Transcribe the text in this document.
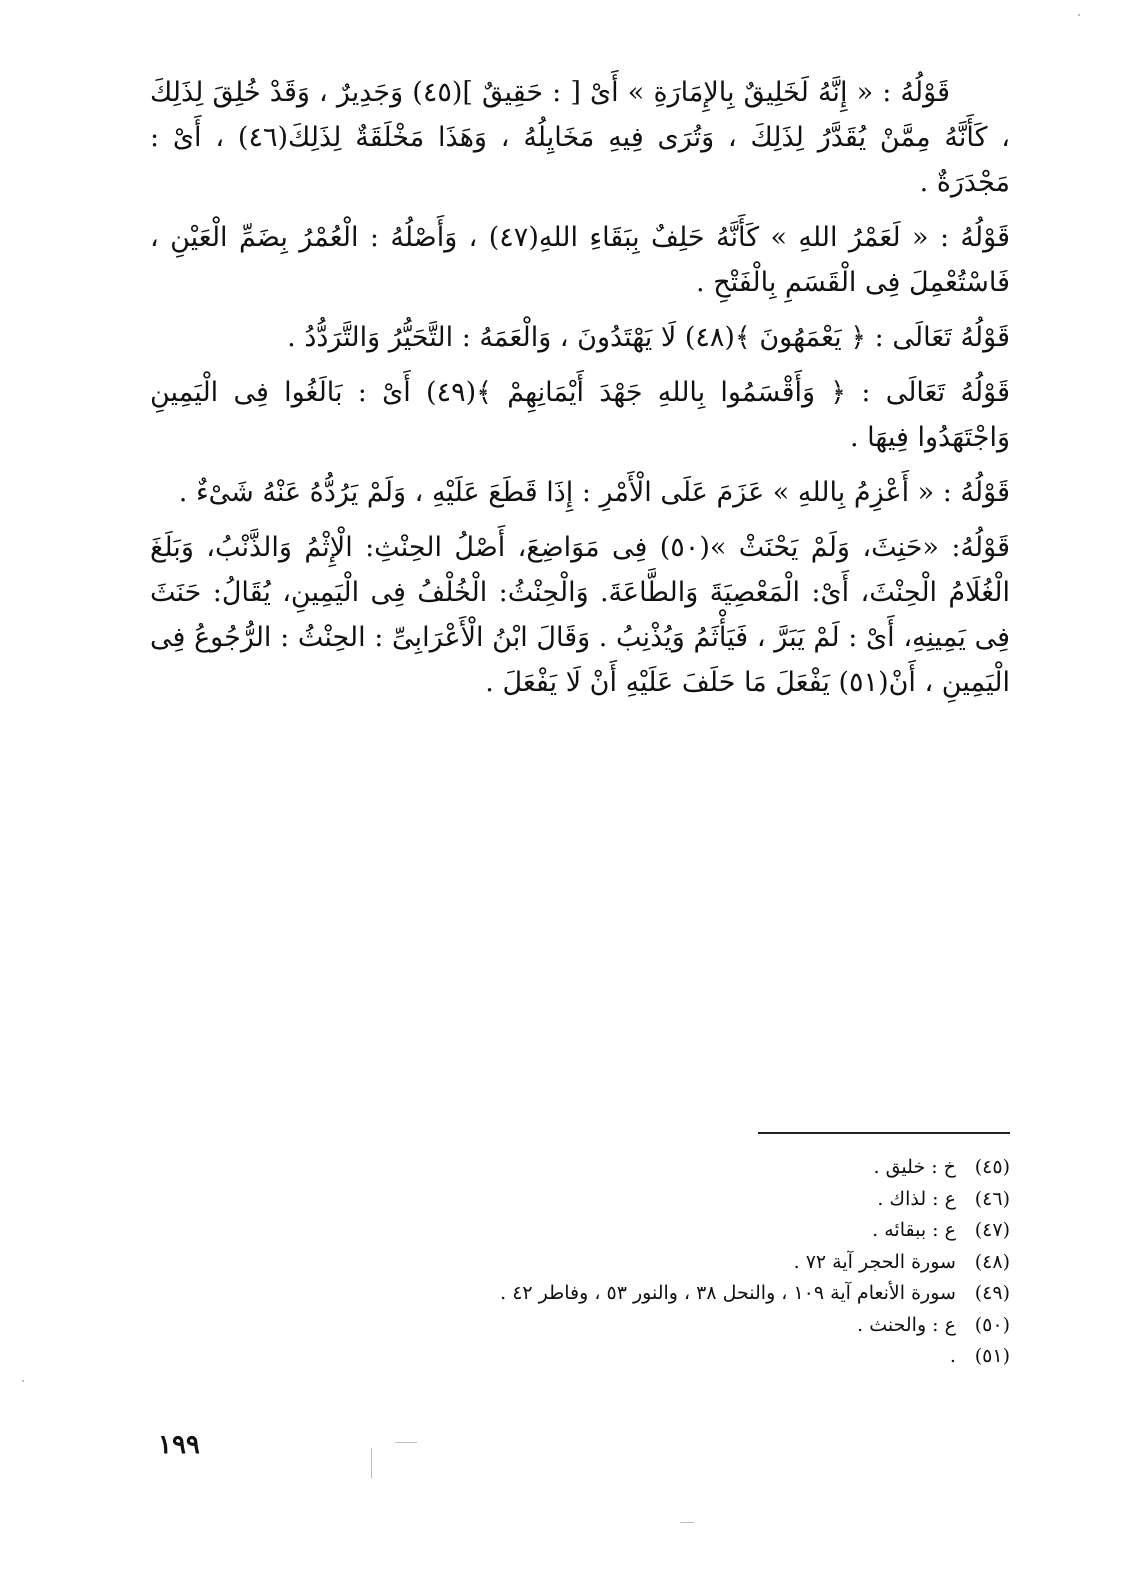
قَوْلُهُ : « إِنَّهُ لَخَلِيقٌ بِالإِمَارَةِ » أَىْ [ : حَقِيقٌ ](٤٥) وَجَدِيرٌ ، وَقَدْ خُلِقَ لِذَلِكَ ، كَأَنَّهُ مِمَّنْ يُقَدَّرُ لِذَلِكَ ، وَتُرَى فِيهِ مَخَايِلُهُ ، وَهَذَا مَخْلَقَةٌ لِذَلِكَ(٤٦) ، أَىْ : مَجْدَرَةٌ .

قَوْلُهُ : « لَعَمْرُ اللهِ » كَأَنَّهُ حَلِفٌ بِبَقَاءِ اللهِ(٤٧) ، وَأَصْلُهُ : الْعُمْرُ بِضَمِّ الْعَيْنِ ، فَاسْتُعْمِلَ فِى الْقَسَمِ بِالْفَتْحِ .

قَوْلُهُ تَعَالَى : ﴿ يَعْمَهُونَ ﴾(٤٨) لَا يَهْتَدُونَ ، وَالْعَمَهُ : التَّحَيُّرُ وَالتَّرَدُّدُ .

قَوْلُهُ تَعَالَى : ﴿ وَأَقْسَمُوا بِاللهِ جَهْدَ أَيْمَانِهِمْ ﴾(٤٩) أَىْ : بَالَغُوا فِى الْيَمِينِ وَاجْتَهَدُوا فِيهَا .

قَوْلُهُ : « أَعْزِمُ بِاللهِ » عَزَمَ عَلَى الْأَمْرِ : إِذَا قَطَعَ عَلَيْهِ ، وَلَمْ يَرُدُّهُ عَنْهُ شَىْءٌ .

قَوْلُهُ: «حَنِثَ، وَلَمْ يَحْنَثْ »(٥٠) فِى مَوَاضِعَ، أَصْلُ الحِنْثِ: الْإِثْمُ وَالذَّنْبُ، وَبَلَغَ الْغُلَامُ الْحِنْثَ، أَىْ: الْمَعْصِيَةَ وَالطَّاعَةَ. وَالْحِنْثُ: الْخُلْفُ فِى الْيَمِينِ، يُقَالُ: حَنَثَ فِى يَمِينِهِ، أَىْ : لَمْ يَبَرَّ ، فَيَأْثَمُ وَيُذْنِبُ . وَقَالَ ابْنُ الْأَعْرَابِىِّ : الحِنْثُ : الرُّجُوعُ فِى الْيَمِينِ ، أَنْ(٥١) يَفْعَلَ مَا حَلَفَ عَلَيْهِ أَنْ لَا يَفْعَلَ .

(٤٥) خ : خليق .
(٤٦) ع : لذاك .
(٤٧) ع : ببقائه .
(٤٨) سورة الحجر آية ٧٢ .
(٤٩) سورة الأنعام آية ١٠٩ ، والنحل ٣٨ ، والنور ٥٣ ، وفاطر ٤٢ .
(٥٠) ع : والحنث .
(٥١) .
١٩٩
